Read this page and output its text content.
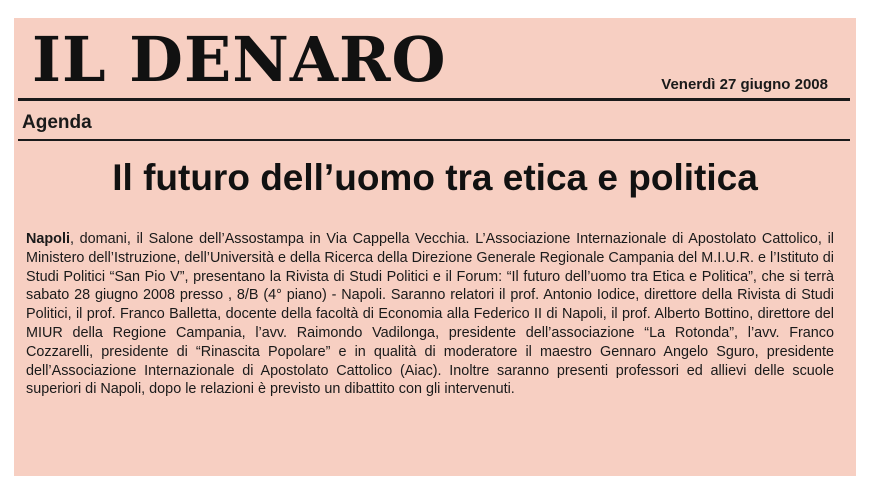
IL DENARO	Venerdì 27 giugno 2008
Agenda
Il futuro dell’uomo tra etica e politica

Napoli, domani, il Salone dell’Assostampa in Via Cappella Vecchia. L’Associazione Internazionale di Apostolato Cattolico, il Ministero dell’Istruzione, dell’Università e della Ricerca della Direzione Generale Regionale Campania del M.I.U.R. e l’Istituto di Studi Politici “San Pio V”, presentano la Rivista di Studi Politici e il Forum: “Il futuro dell’uomo tra Etica e Politica”, che si terrà sabato 28 giugno 2008 presso , 8/B (4° piano) - Napoli. Saranno relatori il prof. Antonio Iodice, direttore della Rivista di Studi Politici, il prof. Franco Balletta, docente della facoltà di Economia alla Federico II di Napoli, il prof. Alberto Bottino, direttore del MIUR della Regione Campania, l’avv. Raimondo Vadilonga, presidente dell’associazione “La Rotonda”, l’avv. Franco Cozzarelli, presidente di “Rinascita Popolare” e in qualità di moderatore il maestro Gennaro Angelo Sguro, presidente dell’Associazione Internazionale di Apostolato Cattolico (Aiac). Inoltre saranno presenti professori ed allievi delle scuole superiori di Napoli, dopo le relazioni è previsto un dibattito con gli intervenuti.
